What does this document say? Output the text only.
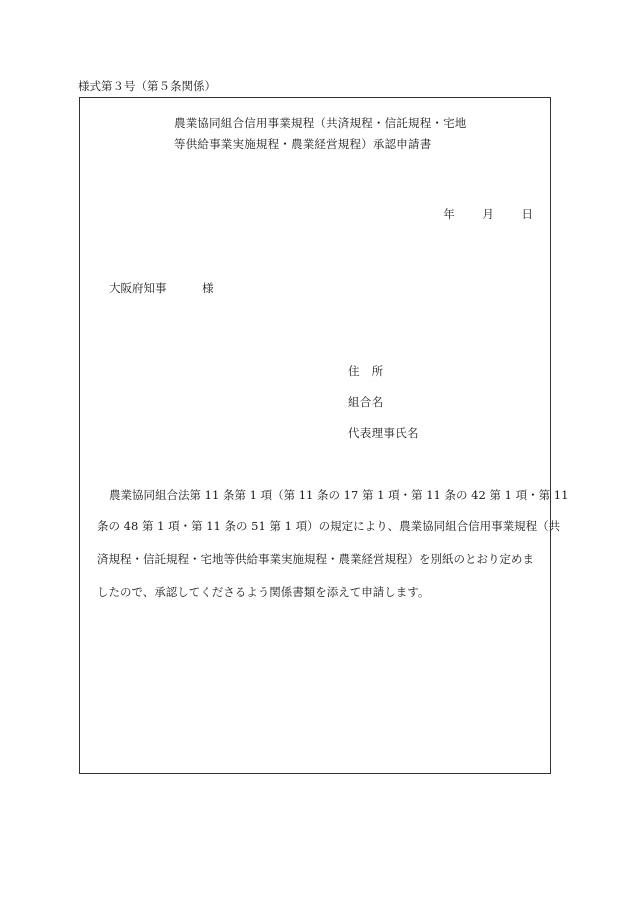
様式第３号（第５条関係）
農業協同組合信用事業規程（共済規程・信託規程・宅地
等供給事業実施規程・農業経営規程）承認申請書
年 月 日
大阪府知事	様
住　所
組合名
代表理事氏名
農業協同組合法第 11 条第 1 項（第 11 条の 17 第 1 項・第 11 条の 42 第 1 項・第 11
条の 48 第 1 項・第 11 条の 51 第 1 項）の規定により、農業協同組合信用事業規程（共
済規程・信託規程・宅地等供給事業実施規程・農業経営規程）を別紙のとおり定めま
したので、承認してくださるよう関係書類を添えて申請します。
